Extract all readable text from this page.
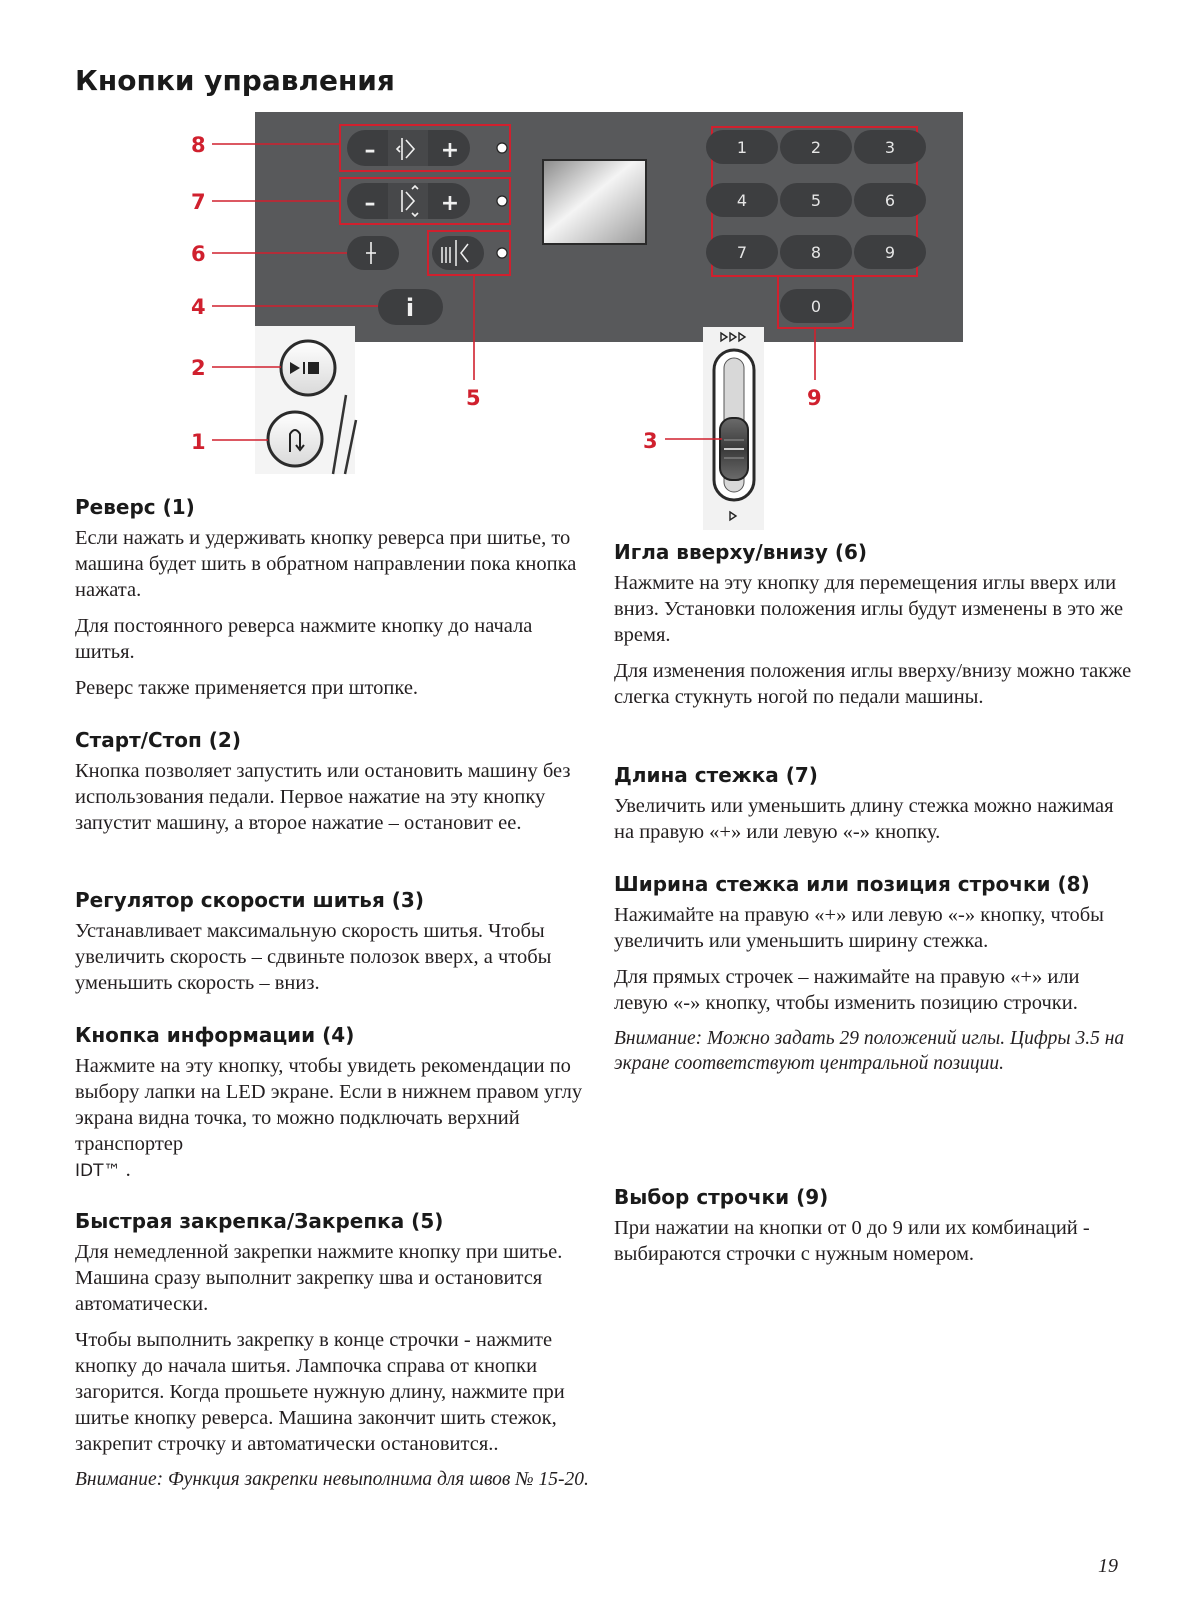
Кнопки управления
–	+
–	+
i
1	2	3
4	5	6
7	8	9
0
8
7
6
4
2
1
5
3
9
Реверс (1)

Если нажать и удерживать кнопку реверса при шитье, то машина будет шить в обратном направлении пока кнопка нажата.

Для постоянного реверса нажмите кнопку до начала шитья.

Реверс также применяется при штопке.

Старт/Стоп (2)

Кнопка позволяет запустить или остановить машину без использования педали. Первое нажатие на эту кнопку запустит машину, а второе нажатие – остановит ее.

Регулятор скорости шитья (3)

Устанавливает максимальную скорость шитья. Чтобы увеличить скорость – сдвиньте полозок вверх, а чтобы уменьшить скорость – вниз.

Кнопка информации (4)

Нажмите на эту кнопку, чтобы увидеть рекомендации по выбору лапки на LED экране. Если в нижнем правом углу экрана видна точка, то можно подключать верхний транспортер
IDT™ .

Быстрая закрепка/Закрепка (5)

Для немедленной закрепки нажмите кнопку при шитье. Машина сразу выполнит закрепку шва и остановится автоматически.

Чтобы выполнить закрепку в конце строчки - нажмите кнопку до начала шитья. Лампочка справа от кнопки загорится. Когда прошьете нужную длину, нажмите при шитье кнопку реверса. Машина закончит шить стежок, закрепит строчку и автоматически остановится..

Внимание: Функция закрепки невыполнима для швов № 15-20.

Игла вверху/внизу (6)

Нажмите на эту кнопку для перемещения иглы вверх или вниз. Установки положения иглы будут изменены в это же время.

Для изменения положения иглы вверху/внизу можно также слегка стукнуть ногой по педали машины.

Длина стежка (7)

Увеличить или уменьшить длину стежка можно нажимая на правую «+» или левую «-» кнопку.

Ширина стежка или позиция строчки (8)

Нажимайте на правую «+» или левую «-» кнопку, чтобы увеличить или уменьшить ширину стежка.

Для прямых строчек – нажимайте на правую «+» или левую «-» кнопку, чтобы изменить позицию строчки.

Внимание: Можно задать 29 положений иглы. Цифры 3.5 на экране соответствуют центральной позиции.

Выбор строчки (9)

При нажатии на кнопки от 0 до 9 или их комбинаций - выбираются строчки с нужным номером.

19
